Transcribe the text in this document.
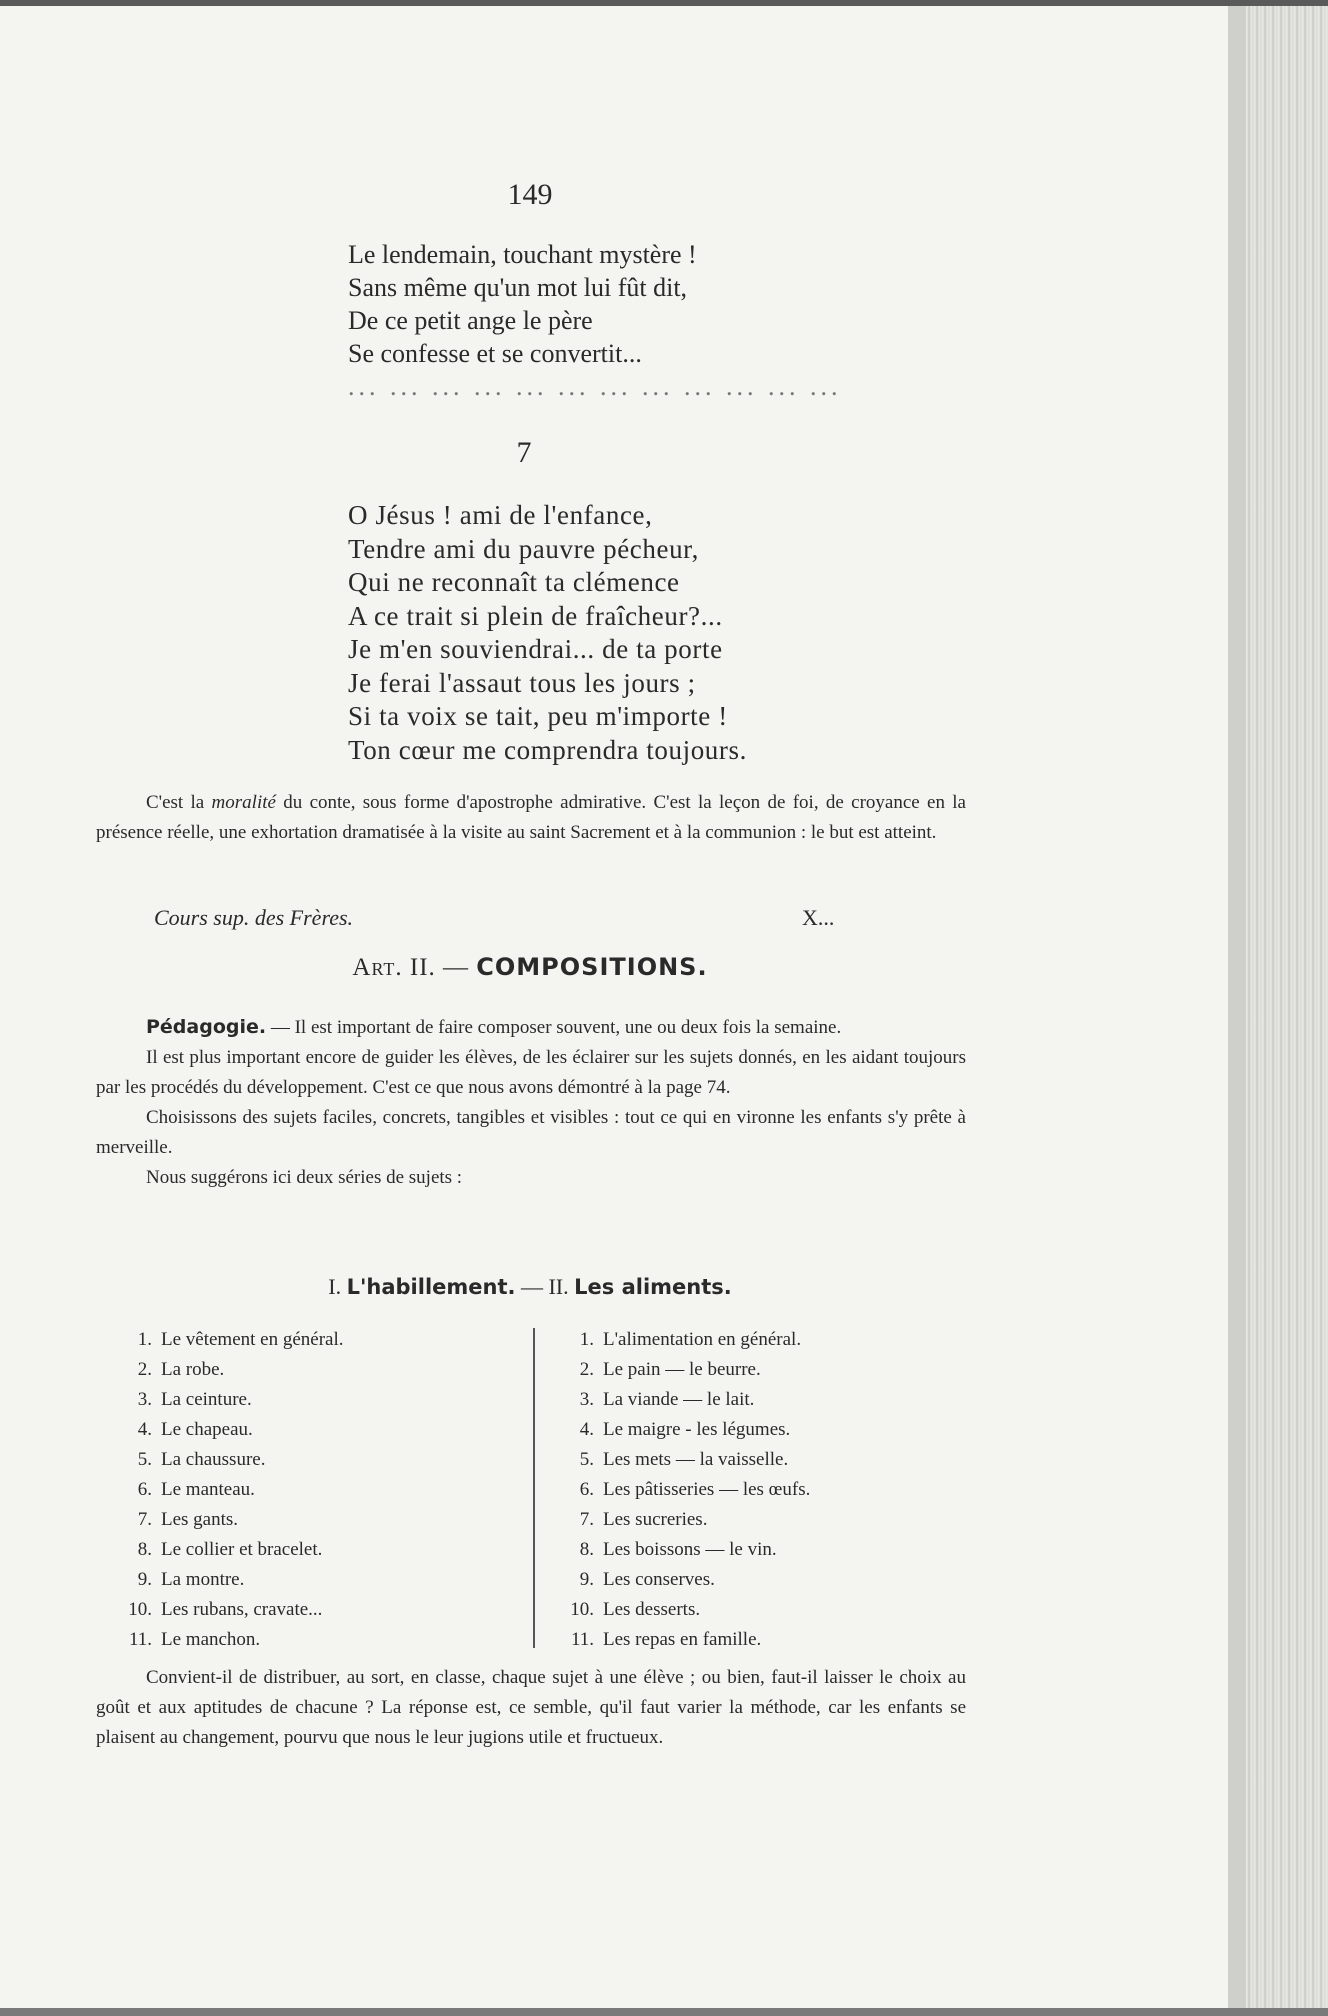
149

Le lendemain, touchant mystère !

Sans même qu'un mot lui fût dit,

De ce petit ange le père

Se confesse et se convertit...

... ... ... ... ... ... ... ... ... ... ... ...

7

O Jésus ! ami de l'enfance,

Tendre ami du pauvre pécheur,

Qui ne reconnaît ta clémence

A ce trait si plein de fraîcheur?...

Je m'en souviendrai... de ta porte

Je ferai l'assaut tous les jours ;

Si ta voix se tait, peu m'importe !

Ton cœur me comprendra toujours.

C'est la moralité du conte, sous forme d'apostrophe admirative. C'est la leçon de foi, de croyance en la présence réelle, une exhortation dramatisée à la visite au saint Sacrement et à la communion : le but est atteint.

Cours sup. des Frères.	X...
Art. II. — COMPOSITIONS.

Pédagogie. — Il est important de faire composer souvent, une ou deux fois la semaine.

Il est plus important encore de guider les élèves, de les éclairer sur les sujets donnés, en les aidant toujours par les procédés du développement. C'est ce que nous avons démontré à la page 74.

Choisissons des sujets faciles, concrets, tangibles et visibles : tout ce qui en vironne les enfants s'y prête à merveille.

Nous suggérons ici deux séries de sujets :

I. L'habillement. — II. Les aliments.
1. Le vêtement en général.
2. La robe.
3. La ceinture.
4. Le chapeau.
5. La chaussure.
6. Le manteau.
7. Les gants.
8. Le collier et bracelet.
9. La montre.
10. Les rubans, cravate...
11. Le manchon.
1. L'alimentation en général.
2. Le pain — le beurre.
3. La viande — le lait.
4. Le maigre - les légumes.
5. Les mets — la vaisselle.
6. Les pâtisseries — les œufs.
7. Les sucreries.
8. Les boissons — le vin.
9. Les conserves.
10. Les desserts.
11. Les repas en famille.

Convient-il de distribuer, au sort, en classe, chaque sujet à une élève ; ou bien, faut-il laisser le choix au goût et aux aptitudes de chacune ? La réponse est, ce semble, qu'il faut varier la méthode, car les enfants se plaisent au changement, pourvu que nous le leur jugions utile et fructueux.
